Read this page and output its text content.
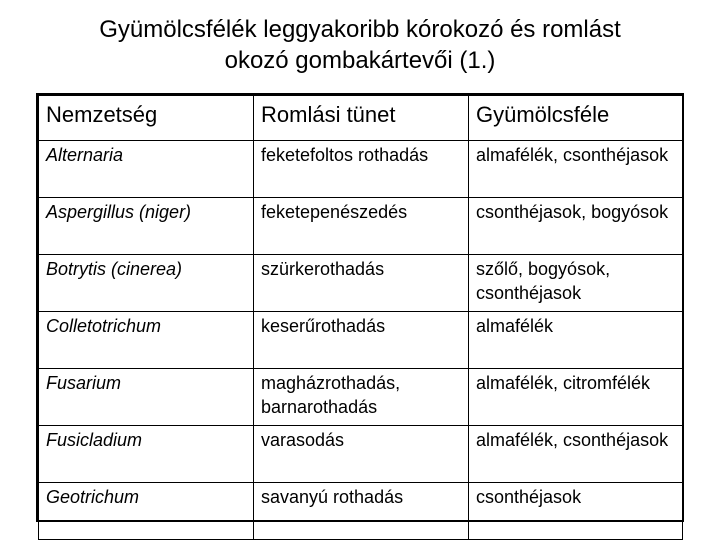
Gyümölcsfélék leggyakoribb kórokozó és romlást
okozó gombakártevői (1.)
Nemzetség	Romlási tünet	Gyümölcsféle
Alternaria	feketefoltos rothadás	almafélék, csonthéjasok
Aspergillus (niger)	feketepenészedés	csonthéjasok, bogyósok
Botrytis (cinerea)	szürkerothadás	szőlő, bogyósok, csonthéjasok
Colletotrichum	keserűrothadás	almafélék
Fusarium	magházrothadás, barnarothadás	almafélék, citromfélék
Fusicladium	varasodás	almafélék, csonthéjasok
Geotrichum	savanyú rothadás	csonthéjasok
